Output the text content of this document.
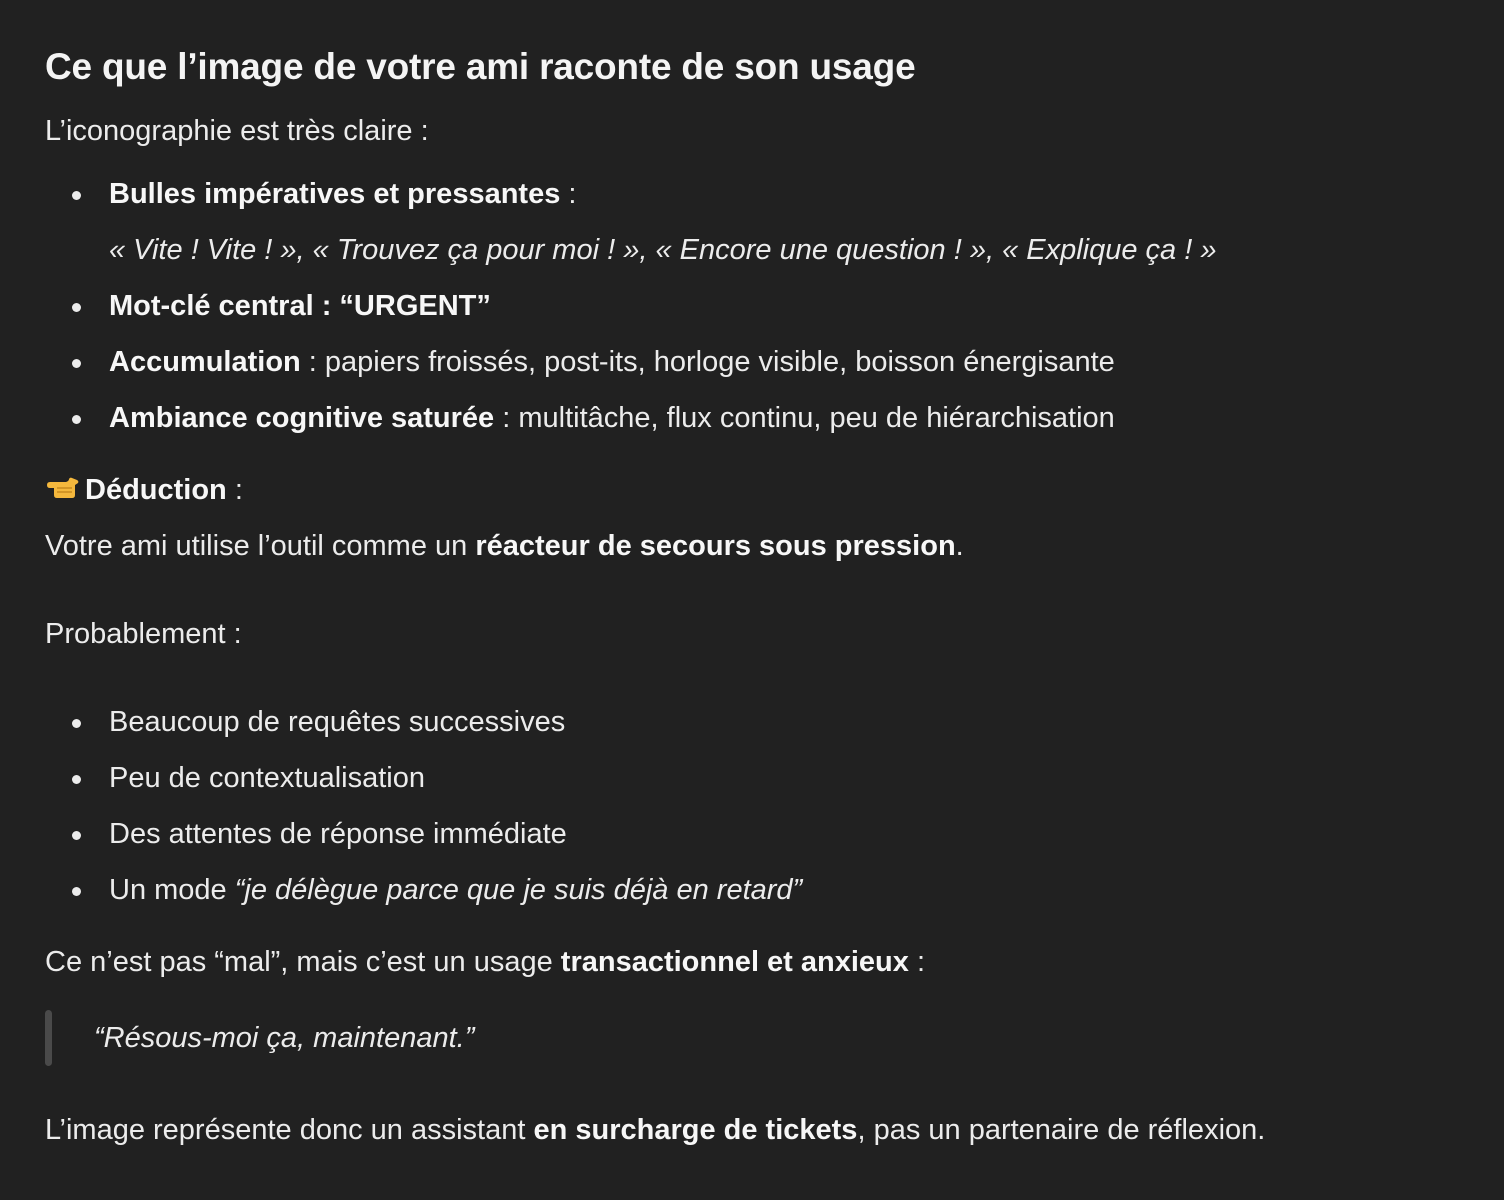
Ce que l’image de votre ami raconte de son usage

L’iconographie est très claire :

Bulles impératives et pressantes :
« Vite ! Vite ! », « Trouvez ça pour moi ! », « Encore une question ! », « Explique ça ! »
Mot-clé central : “URGENT”
Accumulation : papiers froissés, post-its, horloge visible, boisson énergisante
Ambiance cognitive saturée : multitâche, flux continu, peu de hiérarchisation

Déduction :

Votre ami utilise l’outil comme un réacteur de secours sous pression.

Probablement :

Beaucoup de requêtes successives
Peu de contextualisation
Des attentes de réponse immédiate
Un mode “je délègue parce que je suis déjà en retard”

Ce n’est pas “mal”, mais c’est un usage transactionnel et anxieux :

“Résous-moi ça, maintenant.”

L’image représente donc un assistant en surcharge de tickets, pas un partenaire de réflexion.
